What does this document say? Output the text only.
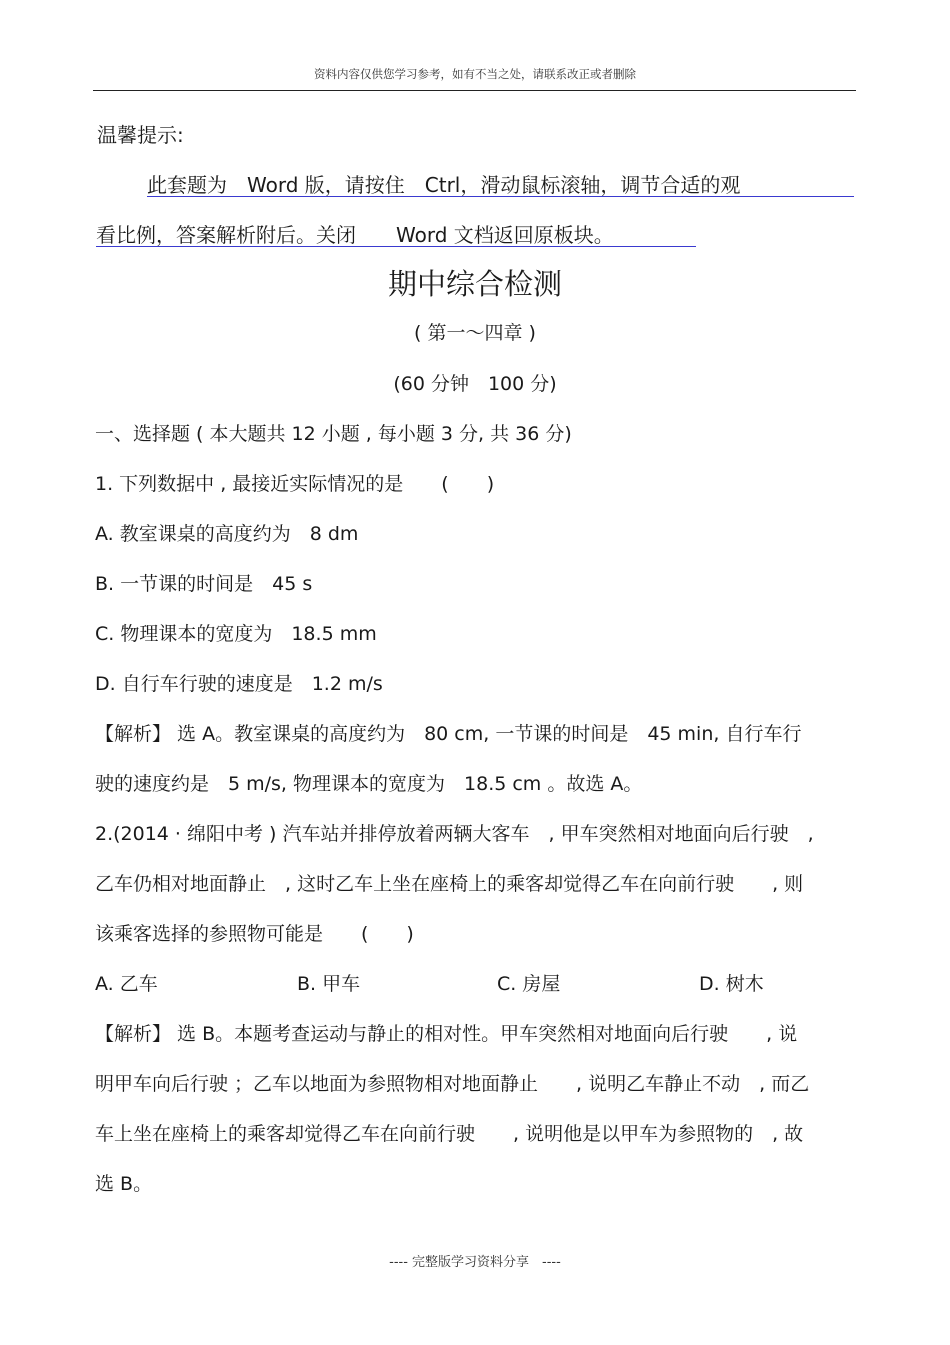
资料内容仅供您学习参考，如有不当之处，请联系改正或者删除
温馨提示:
此套题为　Word 版，请按住　Ctrl，滑动鼠标滚轴，调节合适的观
看比例，答案解析附后。关闭　　Word 文档返回原板块。
期中综合检测
( 第一～四章 )
(60 分钟　100 分)
一、选择题 ( 本大题共 12 小题 , 每小题 3 分, 共 36 分)
1. 下列数据中 , 最接近实际情况的是　　(　　)
A. 教室课桌的高度约为　8 dm
B. 一节课的时间是　45 s
C. 物理课本的宽度为　18.5 mm
D. 自行车行驶的速度是　1.2 m/s
【解析】 选 A。教室课桌的高度约为　80 cm, 一节课的时间是　45 min, 自行车行
驶的速度约是　5 m/s, 物理课本的宽度为　18.5 cm 。故选 A。
2.(2014 · 绵阳中考 ) 汽车站并排停放着两辆大客车　, 甲车突然相对地面向后行驶　,
乙车仍相对地面静止　, 这时乙车上坐在座椅上的乘客却觉得乙车在向前行驶　　, 则
该乘客选择的参照物可能是　　(　　)
A. 乙车	B. 甲车	C. 房屋	D. 树木
【解析】 选 B。本题考查运动与静止的相对性。甲车突然相对地面向后行驶　　, 说
明甲车向后行驶 ；乙车以地面为参照物相对地面静止　　, 说明乙车静止不动　, 而乙
车上坐在座椅上的乘客却觉得乙车在向前行驶　　, 说明他是以甲车为参照物的　, 故
选 B。
---- 完整版学习资料分享　----
